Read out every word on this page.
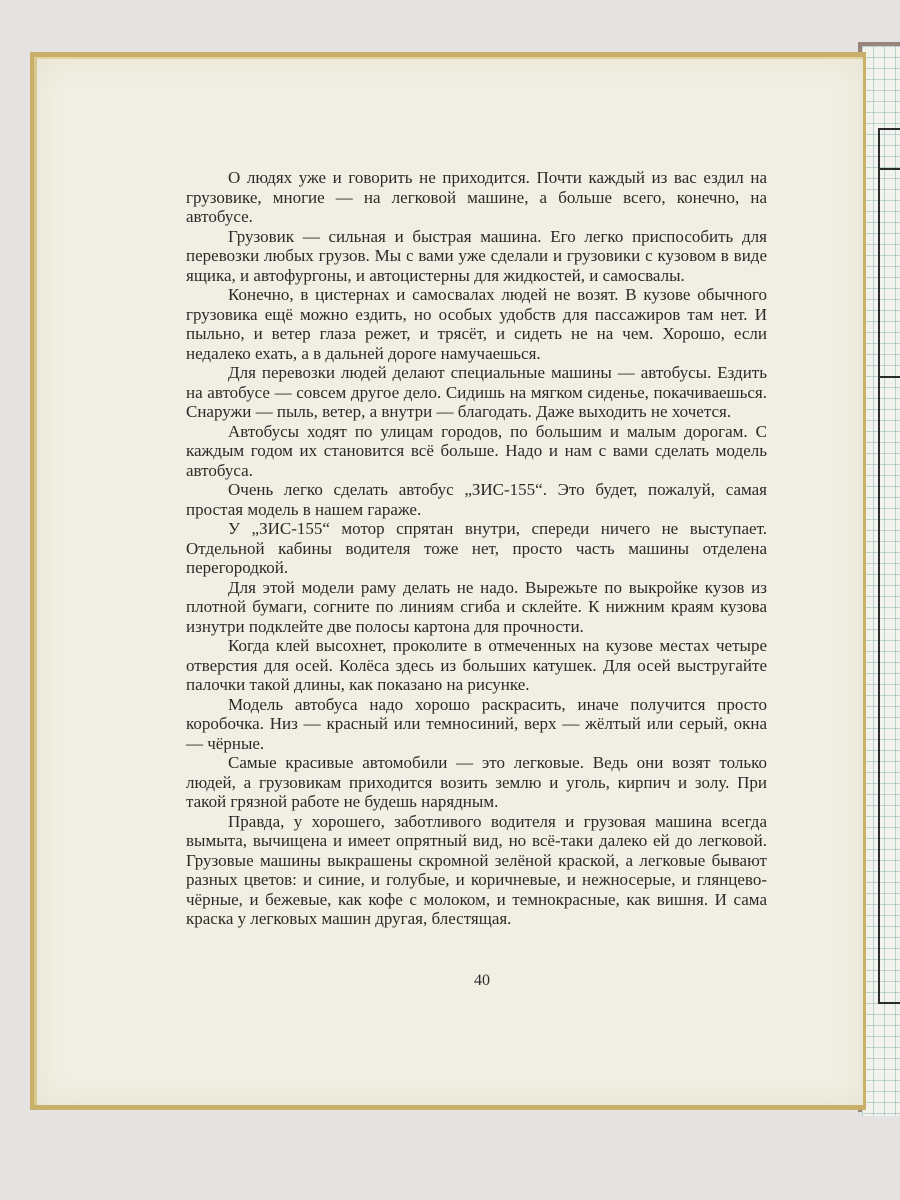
О людях уже и говорить не приходится. Почти каждый из вас ездил на грузовике, многие — на легковой машине, а больше всего, конечно, на автобусе.

Грузовик — сильная и быстрая машина. Его легко приспособить для перевозки любых грузов. Мы с вами уже сделали и грузовики с кузовом в виде ящика, и автофургоны, и автоцистерны для жидкостей, и самосвалы.

Конечно, в цистернах и самосвалах людей не возят. В кузове обычного грузовика ещё можно ездить, но особых удобств для пассажиров там нет. И пыльно, и ветер глаза режет, и трясёт, и сидеть не на чем. Хорошо, если недалеко ехать, а в дальней дороге намучаешься.

Для перевозки людей делают специальные машины — автобусы. Ездить на автобусе — совсем другое дело. Сидишь на мягком сиденье, покачиваешься. Снаружи — пыль, ветер, а внутри — благодать. Даже выходить не хочется.

Автобусы ходят по улицам городов, по большим и малым дорогам. С каждым годом их становится всё больше. Надо и нам с вами сделать модель автобуса.

Очень легко сделать автобус „ЗИС-155“. Это будет, пожалуй, самая простая модель в нашем гараже.

У „ЗИС-155“ мотор спрятан внутри, спереди ничего не выступает. Отдельной кабины водителя тоже нет, просто часть машины отделена перегородкой.

Для этой модели раму делать не надо. Вырежьте по выкройке кузов из плотной бумаги, согните по линиям сгиба и склейте. К нижним краям кузова изнутри подклейте две полосы картона для прочности.

Когда клей высохнет, проколите в отмеченных на кузове местах четыре отверстия для осей. Колёса здесь из больших катушек. Для осей выстругайте палочки такой длины, как показано на рисунке.

Модель автобуса надо хорошо раскрасить, иначе получится просто коробочка. Низ — красный или темносиний, верх — жёлтый или серый, окна — чёрные.

Самые красивые автомобили — это легковые. Ведь они возят только людей, а грузовикам приходится возить землю и уголь, кирпич и золу. При такой грязной работе не будешь нарядным.

Правда, у хорошего, заботливого водителя и грузовая машина всегда вымыта, вычищена и имеет опрятный вид, но всё-таки далеко ей до легковой. Грузовые машины выкрашены скромной зелёной краской, а легковые бывают разных цветов: и синие, и голубые, и коричневые, и нежносерые, и глянцево-чёрные, и бежевые, как кофе с молоком, и темнокрасные, как вишня. И сама краска у легковых машин другая, блестящая.

40
